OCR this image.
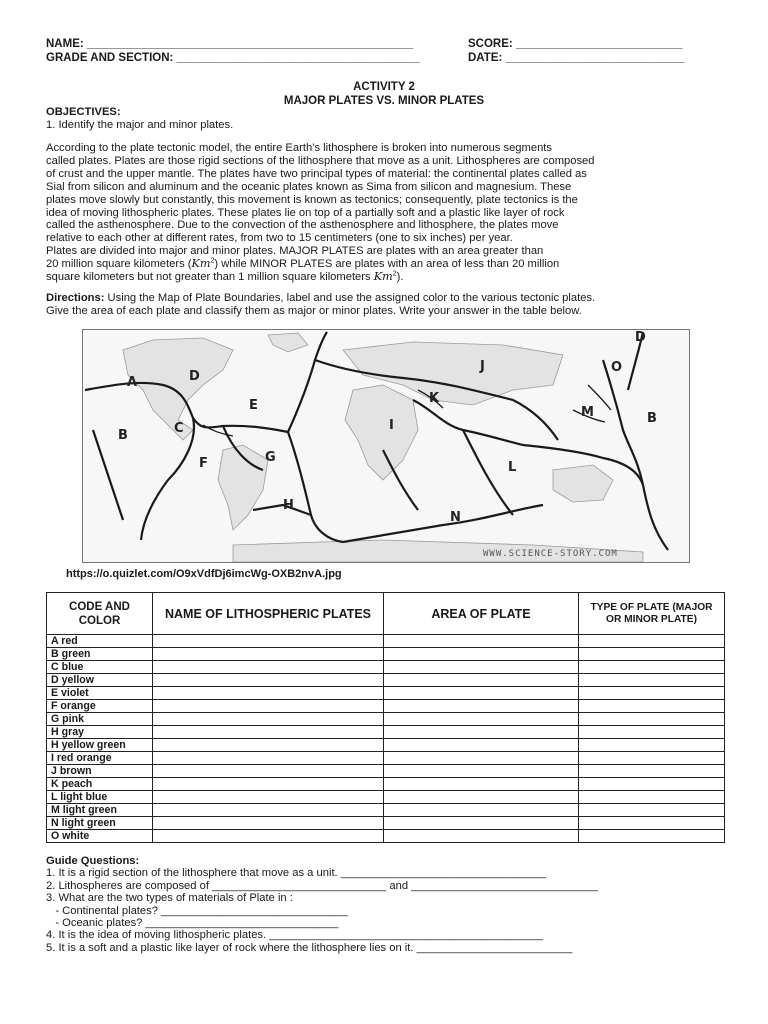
NAME: ___________________________________________________	SCORE: __________________________
GRADE AND SECTION: ______________________________________	DATE: ____________________________
ACTIVITY 2
MAJOR PLATES VS. MINOR PLATES
OBJECTIVES:
1. Identify the major and minor plates.

According to the plate tectonic model, the entire Earth’s lithosphere is broken into numerous segments

called plates. Plates are those rigid sections of the lithosphere that move as a unit. Lithospheres are composed

of crust and the upper mantle. The plates have two principal types of material: the continental plates called as

Sial from silicon and aluminum and the oceanic plates known as Sima from silicon and magnesium. These

plates move slowly but constantly, this movement is known as tectonics; consequently, plate tectonics is the

idea of moving lithospheric plates. These plates lie on top of a partially soft and a plastic like layer of rock

called the asthenosphere. Due to the convection of the asthenosphere and lithosphere, the plates move

relative to each other at different rates, from two to 15 centimeters (one to six inches) per year.

Plates are divided into major and minor plates. MAJOR PLATES are plates with an area greater than

20 million square kilometers (Km$^2$) while MINOR PLATES are plates with an area of less than 20 million

square kilometers but not greater than 1 million square kilometers Km$^2$).

Directions: Using the Map of Plate Boundaries, label and use the assigned color to the various tectonic plates.

Give the area of each plate and classify them as major or minor plates. Write your answer in the table below.

WWW.SCIENCE-STORY.COM
A
B	C
D
E
F	G
H
I
J
K
L
M
N
O
B
D
https://o.quizlet.com/O9xVdfDj6imcWg-OXB2nvA.jpg
CODE AND COLOR	NAME OF LITHOSPHERIC PLATES	AREA OF PLATE	TYPE OF PLATE (MAJOR OR MINOR PLATE)
A red			
B green			
C blue			
D yellow			
E violet			
F orange			
G pink			
H gray			
H yellow green			
I red orange			
J brown			
K peach			
L light blue			
M light green			
N light green			
O white			
Guide Questions:
1. It is a rigid section of the lithosphere that move as a unit. _________________________________
2. Lithospheres are composed of ____________________________ and ______________________________
3. What are the two types of materials of Plate in :
- Continental plates? ______________________________
- Oceanic plates? _______________________________
4. It is the idea of moving lithospheric plates. ____________________________________________
5. It is a soft and a plastic like layer of rock where the lithosphere lies on it. _________________________
